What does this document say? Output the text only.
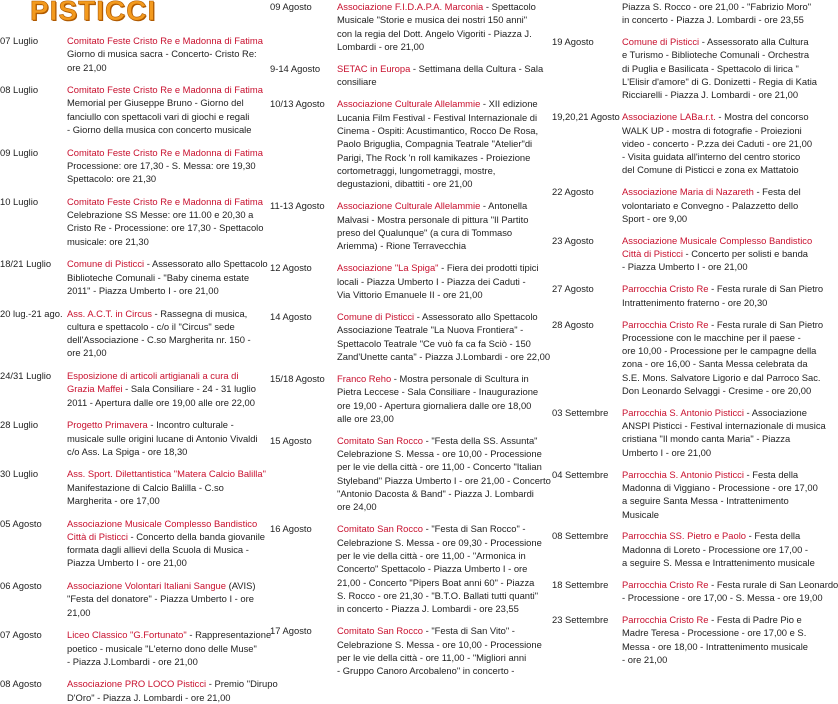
PISTICCI
07 Luglio	Comitato Feste Cristo Re e Madonna di Fatima
Giorno di musica sacra - Concerto- Cristo Re:
ore 21,00
08 Luglio	Comitato Feste Cristo Re e Madonna di Fatima
Memorial per Giuseppe Bruno - Giorno del
fanciullo con spettacoli vari di giochi e regali
- Giorno della musica con concerto musicale
09 Luglio	Comitato Feste Cristo Re e Madonna di Fatima
Processione: ore 17,30 - S. Messa: ore 19,30
Spettacolo: ore 21,30
10 Luglio	Comitato Feste Cristo Re e Madonna di Fatima
Celebrazione SS Messe: ore 11.00 e 20,30 a
Cristo Re - Processione: ore 17,30 - Spettacolo
musicale: ore 21,30
18/21 Luglio Comune di Pisticci - Assessorato allo Spettacolo
Biblioteche Comunali - "Baby cinema estate
2011" - Piazza Umberto I - ore 21,00
20 lug.-21 ago. Ass. A.C.T. in Circus - Rassegna di musica,
cultura e spettacolo - c/o il "Circus" sede
dell'Associazione - C.so Margherita nr. 150 -
ore 21,00
24/31 Luglio Esposizione di articoli artigianali a cura di
Grazia Maffei - Sala Consiliare - 24 - 31 luglio
2011 - Apertura dalle ore 19,00 alle ore 22,00
28 Luglio	Progetto Primavera - Incontro culturale -
musicale sulle origini lucane di Antonio Vivaldi
c/o Ass. La Spiga - ore 18,30
30 Luglio	Ass. Sport. Dilettantistica "Matera Calcio Balilla"
Manifestazione di Calcio Balilla - C.so
Margherita - ore 17,00
05 Agosto	Associazione Musicale Complesso Bandistico
Città di Pisticci - Concerto della banda giovanile
formata dagli allievi della Scuola di Musica -
Piazza Umberto I - ore 21,00
06 Agosto	Associazione Volontari Italiani Sangue (AVIS)
"Festa del donatore" - Piazza Umberto I - ore
21,00
07 Agosto	Liceo Classico "G.Fortunato" - Rappresentazione
poetico - musicale "L'eterno dono delle Muse"
- Piazza J.Lombardi - ore 21,00
08 Agosto	Associazione PRO LOCO Pisticci - Premio "Dirupo
D'Oro" - Piazza J. Lombardi - ore 21,00
09 Agosto	Associazione F.I.D.A.P.A. Marconia - Spettacolo
Musicale "Storie e musica dei nostri 150 anni"
con la regia del Dott. Angelo Vigoriti - Piazza J.
Lombardi - ore 21,00
9-14 Agosto SETAC in Europa - Settimana della Cultura - Sala
consiliare
10/13 Agosto Associazione Culturale Allelammie - XII edizione
Lucania Film Festival - Festival Internazionale di
Cinema - Ospiti: Acustimantico, Rocco De Rosa,
Paolo Briguglia, Compagnia Teatrale "Atelier"di
Parigi, The Rock 'n roll kamikazes - Proiezione
cortometraggi, lungometraggi, mostre,
degustazioni, dibattiti - ore 21,00
11-13 Agosto Associazione Culturale Allelammie - Antonella
Malvasi - Mostra personale di pittura "Il Partito
preso del Qualunque" (a cura di Tommaso
Ariemma) - Rione Terravecchia
12 Agosto	Associazione "La Spiga" - Fiera dei prodotti tipici
locali - Piazza Umberto I - Piazza dei Caduti -
Via Vittorio Emanuele II - ore 21,00
14 Agosto	Comune di Pisticci - Assessorato allo Spettacolo
Associazione Teatrale "La Nuova Frontiera" -
Spettacolo Teatrale "Ce vuò fa ca fa Sciò - 150
Zand'Unette canta" - Piazza J.Lombardi - ore 22,00
15/18 Agosto Franco Reho - Mostra personale di Scultura in
Pietra Leccese - Sala Consiliare - Inaugurazione
ore 19,00 - Apertura giornaliera dalle ore 18,00
alle ore 23,00
15 Agosto	Comitato San Rocco - "Festa della SS. Assunta"
Celebrazione S. Messa - ore 10,00 - Processione
per le vie della città - ore 11,00 - Concerto "Italian
Styleband" Piazza Umberto I - ore 21,00 - Concerto
"Antonio Dacosta & Band" - Piazza J. Lombardi
ore 24,00
16 Agosto	Comitato San Rocco - "Festa di San Rocco" -
Celebrazione S. Messa - ore 09,30 - Processione
per le vie della città - ore 11,00 - "Armonica in
Concerto" Spettacolo - Piazza Umberto I - ore
21,00 - Concerto "Pipers Boat anni 60" - Piazza
S. Rocco - ore 21,30 - "B.T.O. Ballati tutti quanti"
in concerto - Piazza J. Lombardi - ore 23,55
17 Agosto	Comitato San Rocco - "Festa di San Vito" -
Celebrazione S. Messa - ore 10,00 - Processione
per le vie della città - ore 11,00 - "Migliori anni
- Gruppo Canoro Arcobaleno" in concerto -
Piazza S. Rocco - ore 21,00 - "Fabrizio Moro"
in concerto - Piazza J. Lombardi - ore 23,55
19 Agosto	Comune di Pisticci - Assessorato alla Cultura
e Turismo - Biblioteche Comunali - Orchestra
di Puglia e Basilicata - Spettacolo di lirica "
L'Elisir d'amore" di G. Donizetti - Regia di Katia
Ricciarelli - Piazza J. Lombardi - ore 21,00
19,20,21 Agosto Associazione LABa.r.t. - Mostra del concorso
WALK UP - mostra di fotografie - Proiezioni
video - concerto - P.zza dei Caduti - ore 21,00
- Visita guidata all'interno del centro storico
del Comune di Pisticci e zona ex Mattatoio
22 Agosto	Associazione Maria di Nazareth - Festa del
volontariato e Convegno - Palazzetto dello
Sport - ore 9,00
23 Agosto	Associazione Musicale Complesso Bandistico
Città di Pisticci - Concerto per solisti e banda
- Piazza Umberto I - ore 21,00
27 Agosto	Parrocchia Cristo Re - Festa rurale di San Pietro
Intrattenimento fraterno - ore 20,30
28 Agosto	Parrocchia Cristo Re - Festa rurale di San Pietro
Processione con le macchine per il paese -
ore 10,00 - Processione per le campagne della
zona - ore 16,00 - Santa Messa celebrata da
S.E. Mons. Salvatore Ligorio e dal Parroco Sac.
Don Leonardo Selvaggi - Cresime - ore 20,00
03 Settembre Parrocchia S. Antonio Pisticci - Associazione
ANSPI Pisticci - Festival internazionale di musica
cristiana "Il mondo canta Maria" - Piazza
Umberto I - ore 21,00
04 Settembre Parrocchia S. Antonio Pisticci - Festa della
Madonna di Viggiano - Processione - ore 17,00
a seguire Santa Messa - Intrattenimento
Musicale
08 Settembre Parrocchia SS. Pietro e Paolo - Festa della
Madonna di Loreto - Processione ore 17,00 -
a seguire S. Messa e Intrattenimento musicale
18 Settembre Parrocchia Cristo Re - Festa rurale di San Leonardo
- Processione - ore 17,00 - S. Messa - ore 19,00
23 Settembre Parrocchia Cristo Re - Festa di Padre Pio e
Madre Teresa - Processione - ore 17,00 e S.
Messa - ore 18,00 - Intrattenimento musicale
- ore 21,00
